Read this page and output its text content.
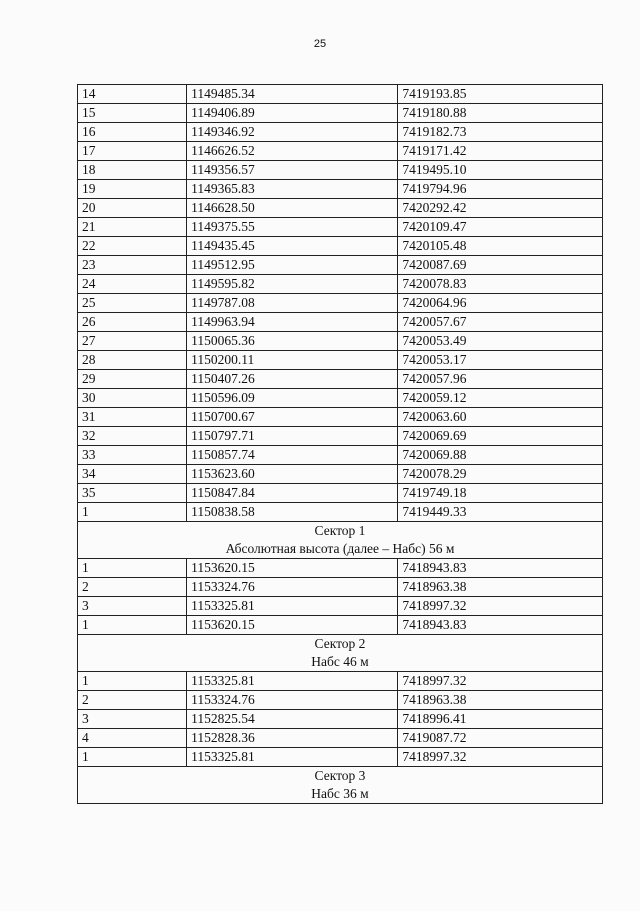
25
14	1149485.34	7419193.85
15	1149406.89	7419180.88
16	1149346.92	7419182.73
17	1146626.52	7419171.42
18	1149356.57	7419495.10
19	1149365.83	7419794.96
20	1146628.50	7420292.42
21	1149375.55	7420109.47
22	1149435.45	7420105.48
23	1149512.95	7420087.69
24	1149595.82	7420078.83
25	1149787.08	7420064.96
26	1149963.94	7420057.67
27	1150065.36	7420053.49
28	1150200.11	7420053.17
29	1150407.26	7420057.96
30	1150596.09	7420059.12
31	1150700.67	7420063.60
32	1150797.71	7420069.69
33	1150857.74	7420069.88
34	1153623.60	7420078.29
35	1150847.84	7419749.18
1	1150838.58	7419449.33

Сектор 1
Абсолютная высота (далее – Набс) 56 м		

1	1153620.15	7418943.83
2	1153324.76	7418963.38
3	1153325.81	7418997.32
1	1153620.15	7418943.83

Сектор 2
Набс 46 м		

1	1153325.81	7418997.32
2	1153324.76	7418963.38
3	1152825.54	7418996.41
4	1152828.36	7419087.72
1	1153325.81	7418997.32

Сектор 3
Набс 36 м		
